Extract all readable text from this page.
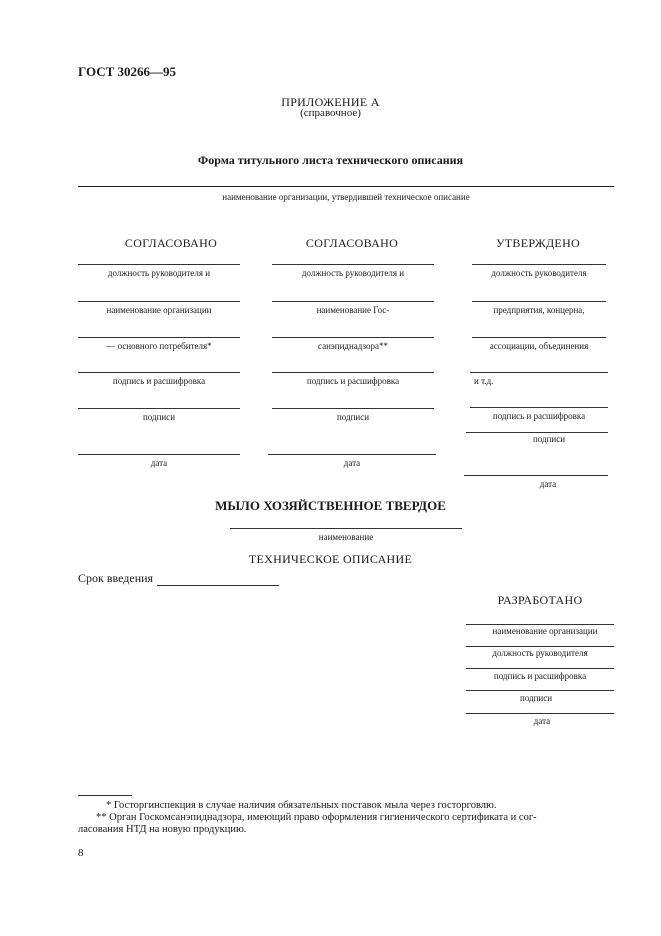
ГОСТ 30266—95
ПРИЛОЖЕНИЕ А
(справочное)
Форма титульного листа технического описания
наименование организации, утвердившей техническое описание
СОГЛАСОВАНО
должность руководителя и
наименование организации
— основного потребителя*
подпись и расшифровка
подписи
дата
СОГЛАСОВАНО
должность руководителя и
наименование Гос-
санэпиднадзора**
подпись и расшифровка
подписи
дата
УТВЕРЖДЕНО
должность руководителя
предприятия, концерна,
ассоциации, объединения
и т.д.
подпись и расшифровка
подписи
дата
МЫЛО ХОЗЯЙСТВЕННОЕ ТВЕРДОЕ
наименование
ТЕХНИЧЕСКОЕ ОПИСАНИЕ
Срок введения
РАЗРАБОТАНО
наименование организации
должность руководителя
подпись и расшифровка
подписи
дата
* Госторгинспекция в случае наличия обязательных поставок мыла через госторговлю.
** Орган Госкомсанэпиднадзора, имеющий право оформления гигиенического сертификата и сог-
ласования НТД на новую продукцию.
8
